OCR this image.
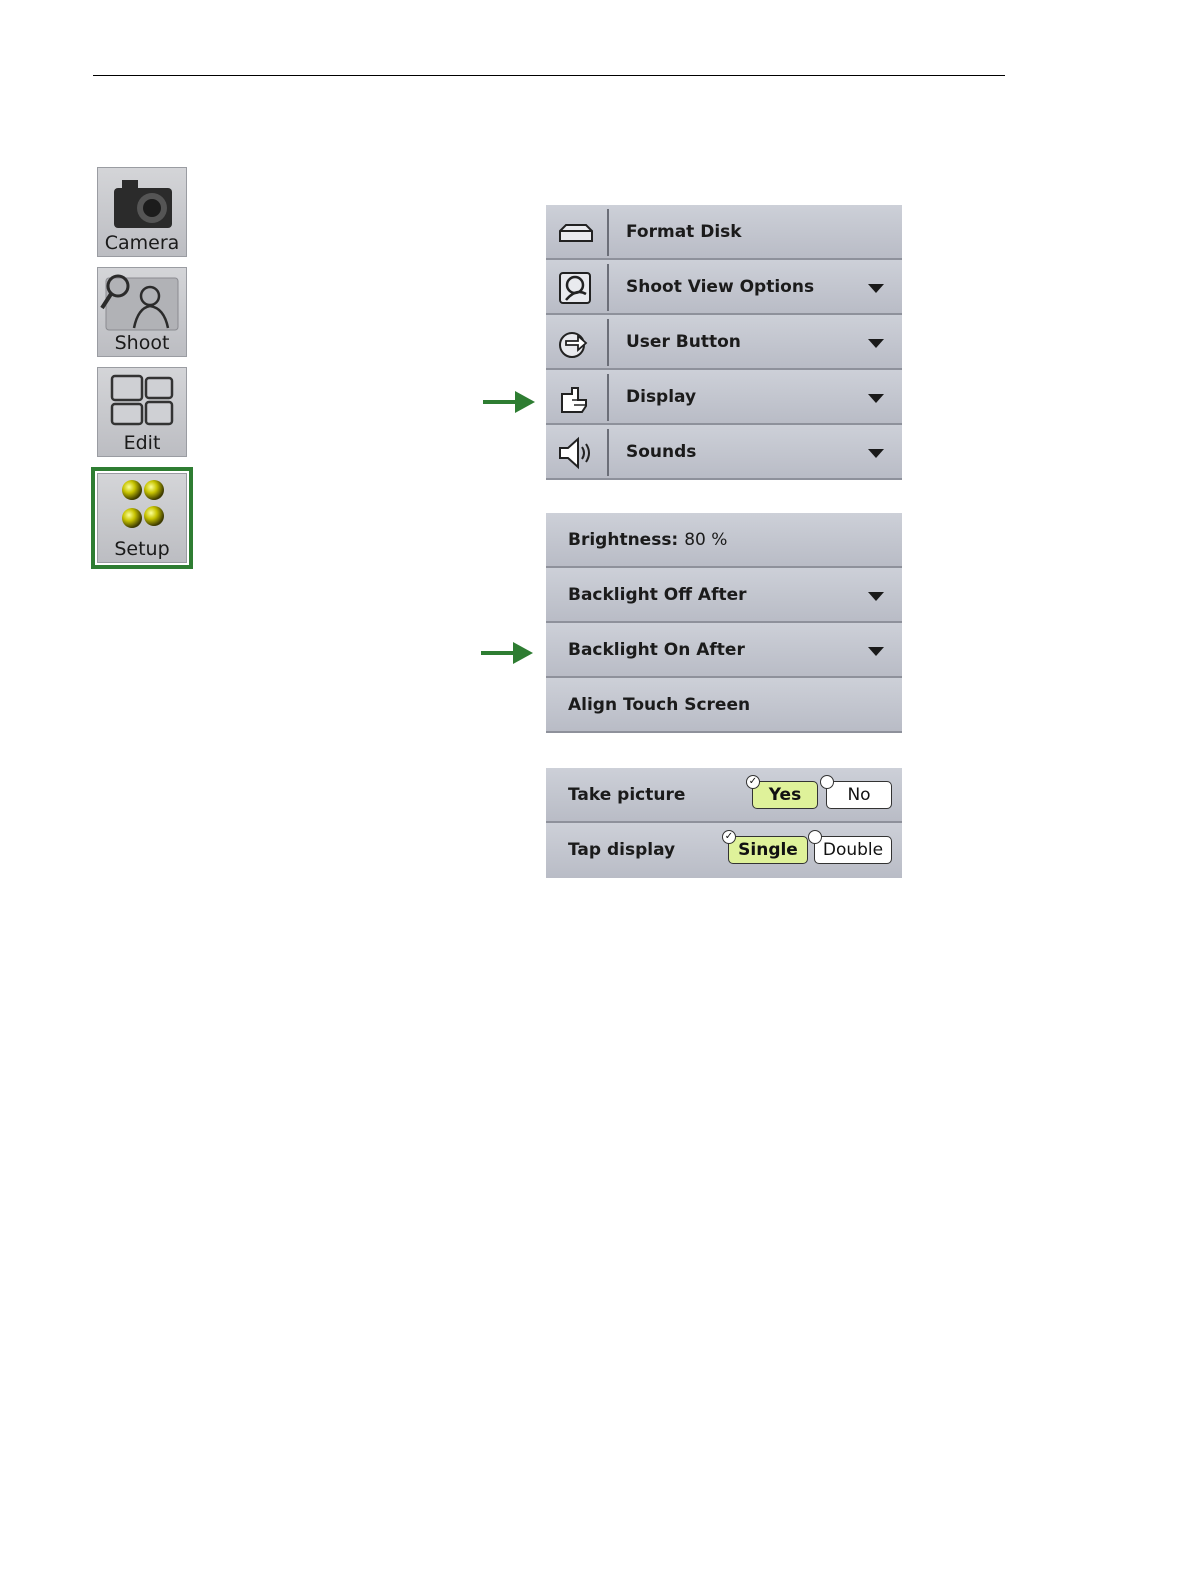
Camera
Shoot
Edit
Setup
Format Disk
Shoot View Options
User Button
Display
Sounds
Brightness: 80 %
Backlight Off After
Backlight On After
Align Touch Screen
Take picture
✓
Yes	No
Tap display
✓
Single	Double
